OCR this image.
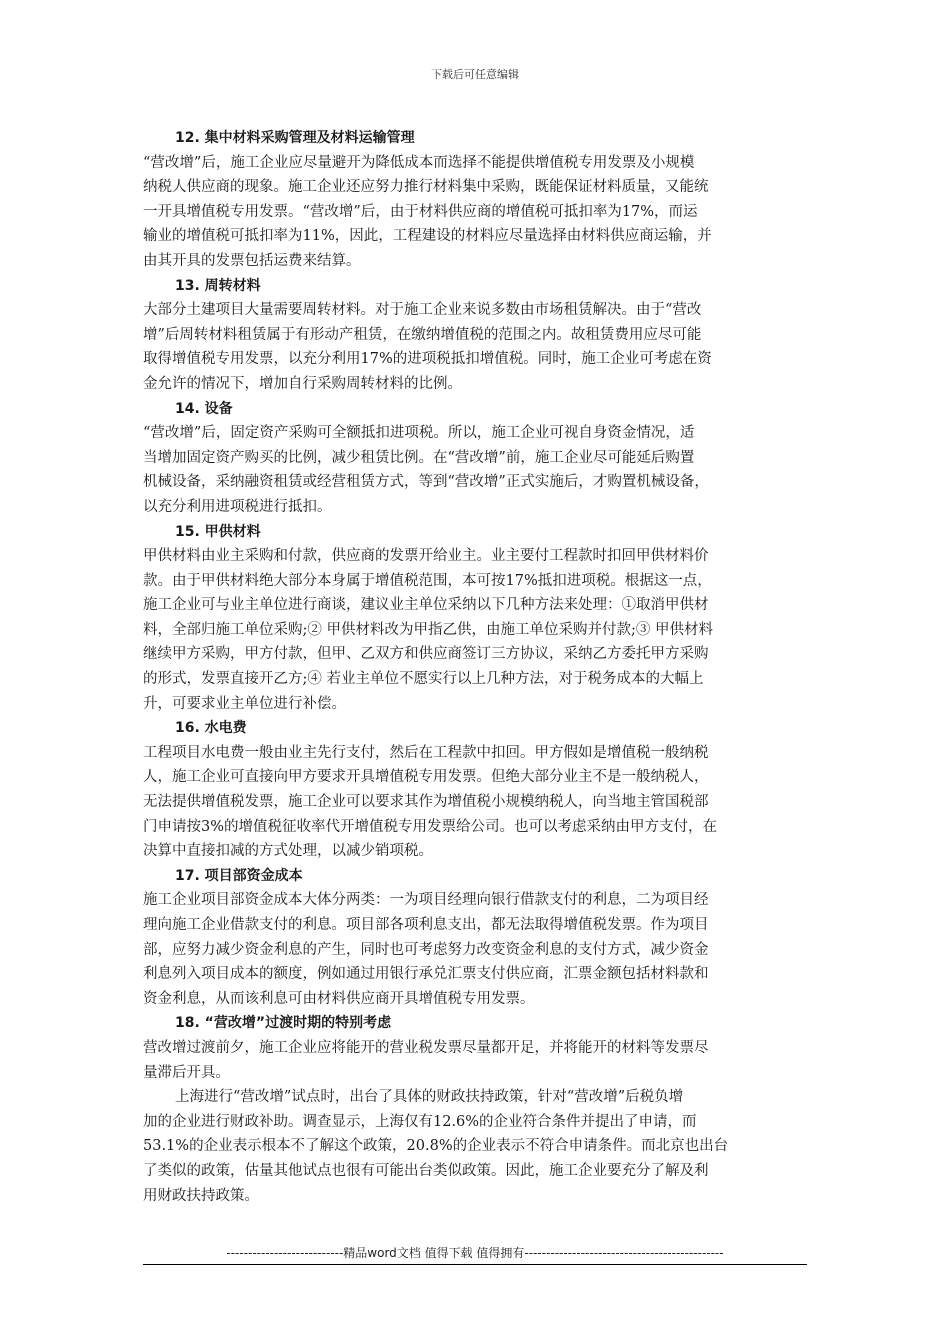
下载后可任意编辑
12. 集中材料采购管理及材料运输管理
“营改增”后，施工企业应尽量避开为降低成本而选择不能提供增值税专用发票及小规模
纳税人供应商的现象。施工企业还应努力推行材料集中采购，既能保证材料质量，又能统
一开具增值税专用发票。“营改增”后，由于材料供应商的增值税可抵扣率为17%，而运
输业的增值税可抵扣率为11%，因此，工程建设的材料应尽量选择由材料供应商运输，并
由其开具的发票包括运费来结算。
13. 周转材料
大部分土建项目大量需要周转材料。对于施工企业来说多数由市场租赁解决。由于“营改
增”后周转材料租赁属于有形动产租赁，在缴纳增值税的范围之内。故租赁费用应尽可能
取得增值税专用发票，以充分利用17%的进项税抵扣增值税。同时，施工企业可考虑在资
金允许的情况下，增加自行采购周转材料的比例。
14. 设备
“营改增”后，固定资产采购可全额抵扣进项税。所以，施工企业可视自身资金情况，适
当增加固定资产购买的比例，减少租赁比例。在“营改增”前，施工企业尽可能延后购置
机械设备，采纳融资租赁或经营租赁方式，等到“营改增”正式实施后，才购置机械设备，
以充分利用进项税进行抵扣。
15. 甲供材料
甲供材料由业主采购和付款，供应商的发票开给业主。业主要付工程款时扣回甲供材料价
款。由于甲供材料绝大部分本身属于增值税范围，本可按17%抵扣进项税。根据这一点，
施工企业可与业主单位进行商谈，建议业主单位采纳以下几种方法来处理：①取消甲供材
料，全部归施工单位采购;② 甲供材料改为甲指乙供，由施工单位采购并付款;③ 甲供材料
继续甲方采购，甲方付款，但甲、乙双方和供应商签订三方协议，采纳乙方委托甲方采购
的形式，发票直接开乙方;④ 若业主单位不愿实行以上几种方法，对于税务成本的大幅上
升，可要求业主单位进行补偿。
16. 水电费
工程项目水电费一般由业主先行支付，然后在工程款中扣回。甲方假如是增值税一般纳税
人，施工企业可直接向甲方要求开具增值税专用发票。但绝大部分业主不是一般纳税人，
无法提供增值税发票，施工企业可以要求其作为增值税小规模纳税人，向当地主管国税部
门申请按3%的增值税征收率代开增值税专用发票给公司。也可以考虑采纳由甲方支付，在
决算中直接扣减的方式处理，以减少销项税。
17. 项目部资金成本
施工企业项目部资金成本大体分两类：一为项目经理向银行借款支付的利息，二为项目经
理向施工企业借款支付的利息。项目部各项利息支出，都无法取得增值税发票。作为项目
部，应努力减少资金利息的产生，同时也可考虑努力改变资金利息的支付方式，减少资金
利息列入项目成本的额度，例如通过用银行承兑汇票支付供应商，汇票金额包括材料款和
资金利息，从而该利息可由材料供应商开具增值税专用发票。
18. “营改增”过渡时期的特别考虑
营改增过渡前夕，施工企业应将能开的营业税发票尽量都开足，并将能开的材料等发票尽
量滞后开具。
上海进行“营改增”试点时，出台了具体的财政扶持政策，针对“营改增”后税负增
加的企业进行财政补助。调查显示，上海仅有12.6%的企业符合条件并提出了申请，而
53.1%的企业表示根本不了解这个政策，20.8%的企业表示不符合申请条件。而北京也出台
了类似的政策，估量其他试点也很有可能出台类似政策。因此，施工企业要充分了解及利
用财政扶持政策。
---------------------------精品word文档 值得下载 值得拥有----------------------------------------------
